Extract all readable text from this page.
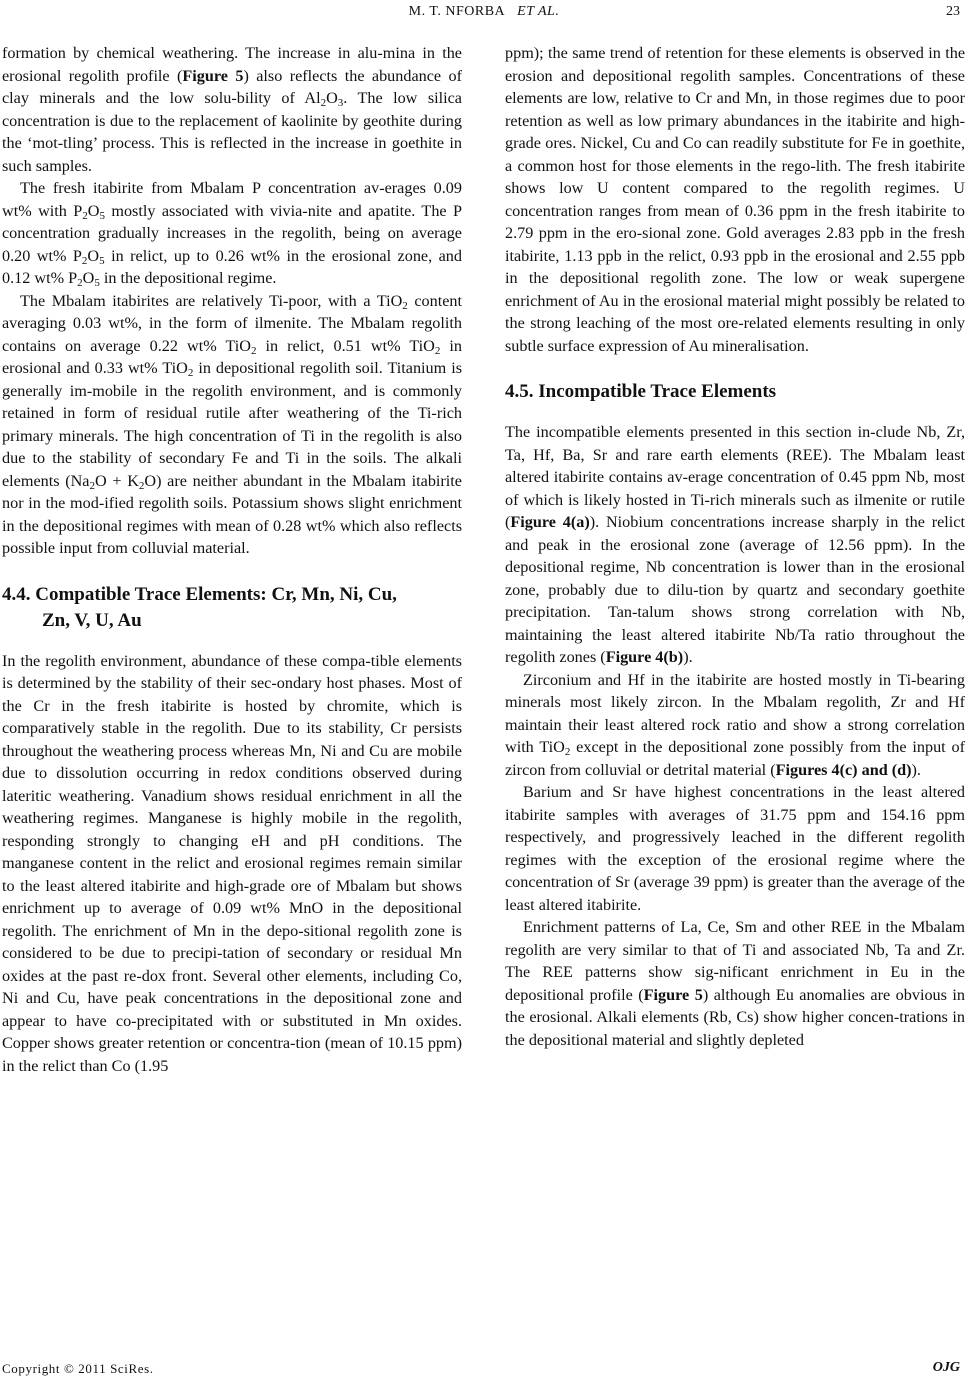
M. T. NFORBA ET AL.	23

formation by chemical weathering. The increase in alu-mina in the erosional regolith profile (Figure 5) also reflects the abundance of clay minerals and the low solu-bility of $Al_2O_3$. The low silica concentration is due to the replacement of kaolinite by geothite during the ‘mot-tling’ process. This is reflected in the increase in goethite in such samples.

The fresh itabirite from Mbalam P concentration av-erages 0.09 wt% with $P_2O_5$ mostly associated with vivia-nite and apatite. The P concentration gradually increases in the regolith, being on average 0.20 wt% $P_2O_5$ in relict, up to 0.26 wt% in the erosional zone, and 0.12 wt% $P_2O_5$ in the depositional regime.

The Mbalam itabirites are relatively Ti-poor, with a TiO$_2$ content averaging 0.03 wt%, in the form of ilmenite. The Mbalam regolith contains on average 0.22 wt% TiO$_2$ in relict, 0.51 wt% TiO$_2$ in erosional and 0.33 wt% TiO$_2$ in depositional regolith soil. Titanium is generally im-mobile in the regolith environment, and is commonly retained in form of residual rutile after weathering of the Ti-rich primary minerals. The high concentration of Ti in the regolith is also due to the stability of secondary Fe and Ti in the soils. The alkali elements $(Na_2O + K_2O)$ are neither abundant in the Mbalam itabirite nor in the mod-ified regolith soils. Potassium shows slight enrichment in the depositional regimes with mean of 0.28 wt% which also reflects possible input from colluvial material.

4.4. Compatible Trace Elements: Cr, Mn, Ni, Cu,
Zn, V, U, Au

In the regolith environment, abundance of these compa-tible elements is determined by the stability of their sec-ondary host phases. Most of the Cr in the fresh itabirite is hosted by chromite, which is comparatively stable in the regolith. Due to its stability, Cr persists throughout the weathering process whereas Mn, Ni and Cu are mobile due to dissolution occurring in redox conditions observed during lateritic weathering. Vanadium shows residual enrichment in all the weathering regimes. Manganese is highly mobile in the regolith, responding strongly to changing eH and pH conditions. The manganese content in the relict and erosional regimes remain similar to the least altered itabirite and high-grade ore of Mbalam but shows enrichment up to average of 0.09 wt% MnO in the depositional regolith. The enrichment of Mn in the depo-sitional regolith zone is considered to be due to precipi-tation of secondary or residual Mn oxides at the past re-dox front. Several other elements, including Co, Ni and Cu, have peak concentrations in the depositional zone and appear to have co-precipitated with or substituted in Mn oxides. Copper shows greater retention or concentra-tion (mean of 10.15 ppm) in the relict than Co (1.95

ppm); the same trend of retention for these elements is observed in the erosion and depositional regolith samples. Concentrations of these elements are low, relative to Cr and Mn, in those regimes due to poor retention as well as low primary abundances in the itabirite and high-grade ores. Nickel, Cu and Co can readily substitute for Fe in goethite, a common host for those elements in the rego-lith. The fresh itabirite shows low U content compared to the regolith regimes. U concentration ranges from mean of 0.36 ppm in the fresh itabirite to 2.79 ppm in the ero-sional zone. Gold averages 2.83 ppb in the fresh itabirite, 1.13 ppb in the relict, 0.93 ppb in the erosional and 2.55 ppb in the depositional regolith zone. The low or weak supergene enrichment of Au in the erosional material might possibly be related to the strong leaching of the most ore-related elements resulting in only subtle surface expression of Au mineralisation.

4.5. Incompatible Trace Elements

The incompatible elements presented in this section in-clude Nb, Zr, Ta, Hf, Ba, Sr and rare earth elements (REE). The Mbalam least altered itabirite contains av-erage concentration of 0.45 ppm Nb, most of which is likely hosted in Ti-rich minerals such as ilmenite or rutile (Figure 4(a)). Niobium concentrations increase sharply in the relict and peak in the erosional zone (average of 12.56 ppm). In the depositional regime, Nb concentration is lower than in the erosional zone, probably due to dilu-tion by quartz and secondary goethite precipitation. Tan-talum shows strong correlation with Nb, maintaining the least altered itabirite Nb/Ta ratio throughout the regolith zones (Figure 4(b)).

Zirconium and Hf in the itabirite are hosted mostly in Ti-bearing minerals most likely zircon. In the Mbalam regolith, Zr and Hf maintain their least altered rock ratio and show a strong correlation with TiO$_2$ except in the depositional zone possibly from the input of zircon from colluvial or detrital material (Figures 4(c) and (d)).

Barium and Sr have highest concentrations in the least altered itabirite samples with averages of 31.75 ppm and 154.16 ppm respectively, and progressively leached in the different regolith regimes with the exception of the erosional regime where the concentration of Sr (average 39 ppm) is greater than the average of the least altered itabirite.

Enrichment patterns of La, Ce, Sm and other REE in the Mbalam regolith are very similar to that of Ti and associated Nb, Ta and Zr. The REE patterns show sig-nificant enrichment in Eu in the depositional profile (Figure 5) although Eu anomalies are obvious in the erosional. Alkali elements (Rb, Cs) show higher concen-trations in the depositional material and slightly depleted

Copyright © 2011 SciRes.	OJG
